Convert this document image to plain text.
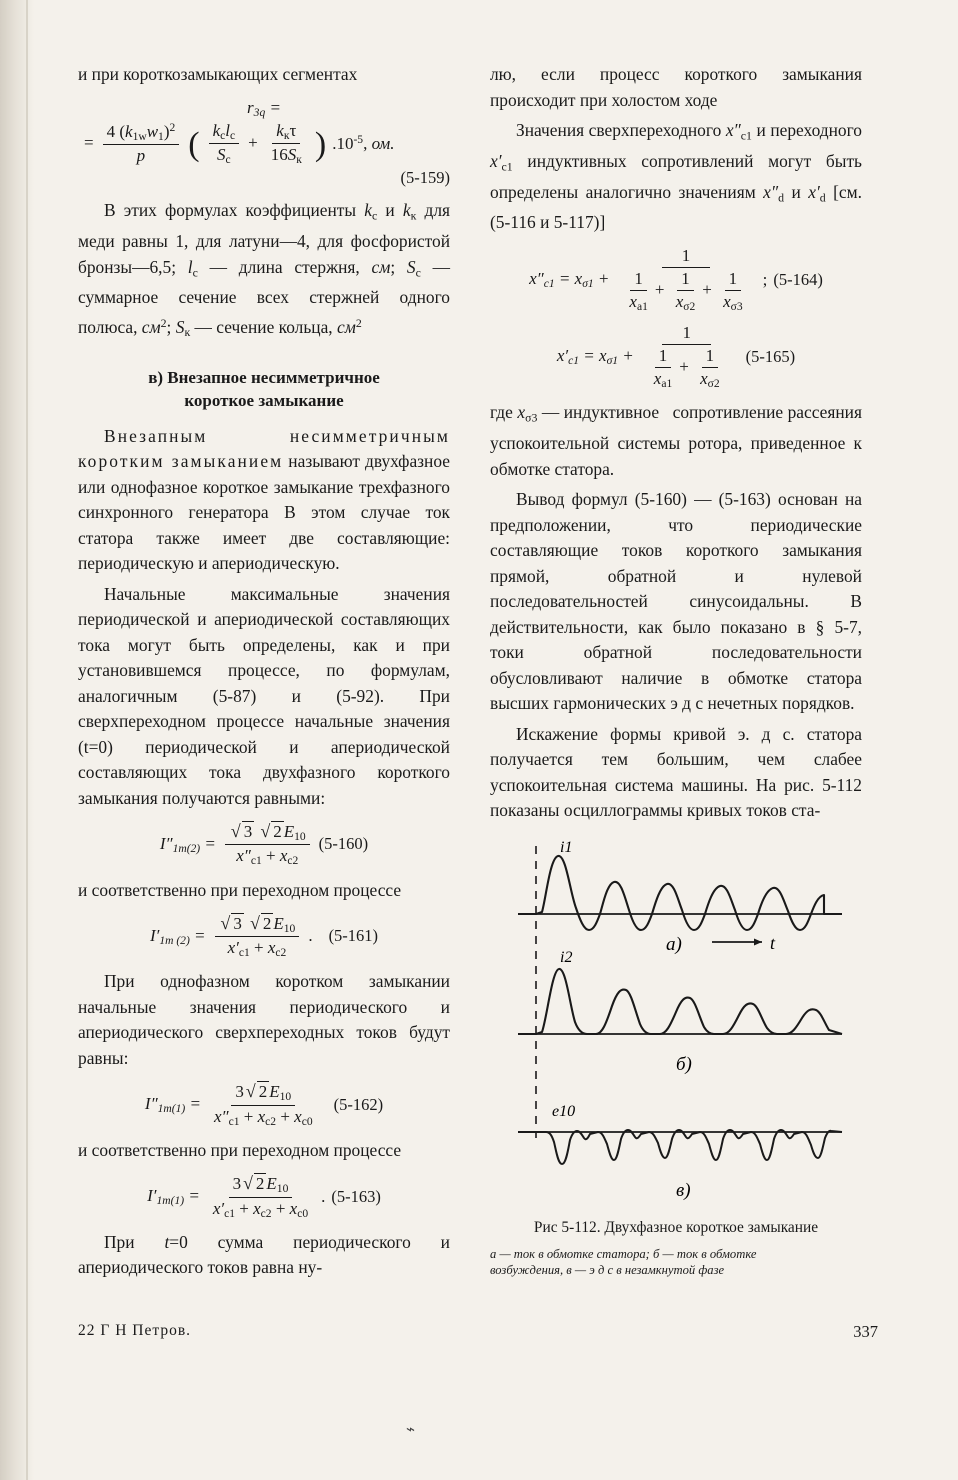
и при короткозамыкающих сегментах

$r_{3q}$ =
= $\frac{4 (k_{1w}w_1)^2}{p}$ ( $\frac{k_cl_c}{S_c} + \frac{k_к\tau}{16S_к}$ ) $.10^{-5}$, ом.
(5-159)

В этих формулах коэффициенты $k_c$ и $k_к$ для меди равны 1, для латуни—4, для фосфористой бронзы—6,5; $l_c$ — длина стержня, см; $S_c$ — суммарное сечение всех стержней одного полюса, $см^2$; $S_к$ — сечение кольца, $см^2$

в) Внезапное несимметричное
короткое замыкание

Внезапным несимметричным коротким замыканием называют двухфазное или однофазное короткое замыкание трехфазного синхронного генератора В этом случае ток статора также имеет две составляющие: периодическую и апериодическую.

Начальные максимальные значения периодической и апериодической составляющих тока могут быть определены, как и при установившемся процессе, по формулам, аналогичным (5-87) и (5-92). При сверхпереходном процессе начальные значения (t=0) периодической и апериодической составляющих тока двухфазного короткого замыкания получаются равными:

$I''_{1m(2)} = \frac{√ 3 √ 2 E_{10}}{x''_{c1} + x_{c2}} (5-160)$

и соответственно при переходном процессе

$I'_{1m (2)} = \frac{√ 3 √ 2 E_{10}}{x'_{c1} + x_{c2}}$ . (5-161)

При однофазном коротком замыкании начальные значения периодического и апериодического сверхпереходных токов будут равны:

$I''_{1m(1)} = \frac{3 √ 2 E_{10}}{x''_{c1} + x_{c2} + x_{c0}} (5-162)$

и соответственно при переходном процессе

$I'_{1m(1)} = \frac{3 √ 2 E_{10}}{x'_{c1} + x_{c2} + x_{c0}}$ . (5-163)

При t=0 сумма периодического и апериодического токов равна ну-

лю, если процесс короткого замыкания происходит при холостом ходе

Значения сверхпереходного $x''_{c1}$ и переходного $x'_{c1}$ индуктивных сопротивлений могут быть определены аналогично значениям $x''_d$ и $x'_d$ [см. (5-116 и 5-117)]

$x''_{c1} = x_{\sigma 1} + \frac{1}{\frac{1}{x_{a1}} + \frac{1}{x_{\sigma 2}} + \frac{1}{x_{\sigma 3}}}$ ; (5-164)
$x'_{c1} = x_{\sigma 1} + \frac{1}{\frac{1}{x_{a1}} + \frac{1}{x_{\sigma 2}}} (5-165)$

где $x_{\sigma 3}$ — индуктивное   сопротивление рассеяния успокоительной системы ротора, приведенное к обмотке статора.

Вывод формул (5-160) — (5-163) основан на предположении, что периодические составляющие токов короткого замыкания прямой, обратной и нулевой последовательностей синусоидальны. В действительности, как было показано в § 5-7, токи обратной последовательности обусловливают наличие в обмотке статора высших гармонических э д с нечетных порядков.

Искажение формы кривой э. д с. статора получается тем большим, чем слабее успокоительная система машины. На рис. 5-112 показаны осциллограммы кривых токов ста-

i1
а)	t
i2
б)
e10
в)
Рис 5-112. Двухфазное короткое замыкание
а — ток в обмотке статора; б — ток в обмотке
возбуждения, в — э д с в незамкнутой фазе
22 Г Н Петров.	337
⌁
